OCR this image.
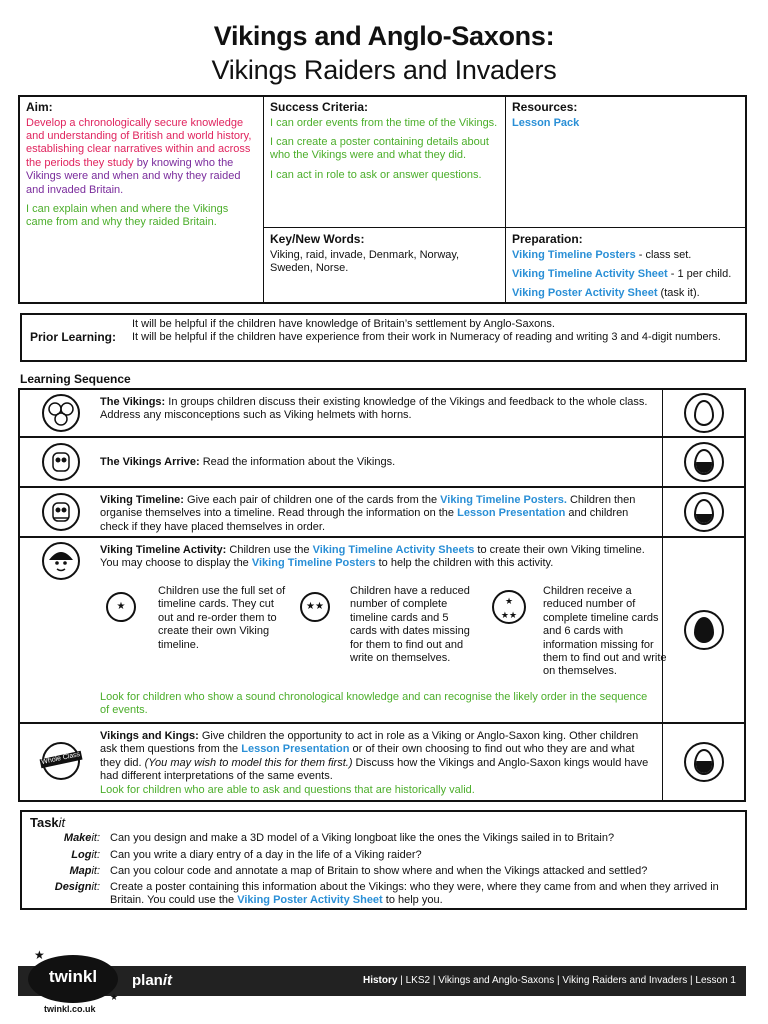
Vikings and Anglo-Saxons:
Vikings Raiders and Invaders
Aim:
Develop a chronologically secure knowledge and understanding of British and world history, establishing clear narratives within and across the periods they study by knowing who the Vikings were and when and why they raided and invaded Britain.
I can explain when and where the Vikings came from and why they raided Britain.
Success Criteria:
I can order events from the time of the Vikings.
I can create a poster containing details about who the Vikings were and what they did.
I can act in role to ask or answer questions.
Resources:
Lesson Pack
Key/New Words:
Viking, raid, invade, Denmark, Norway, Sweden, Norse.
Preparation:
Viking Timeline Posters - class set.
Viking Timeline Activity Sheet - 1 per child.
Viking Poster Activity Sheet (task it).
Prior Learning:
It will be helpful if the children have knowledge of Britain’s settlement by Anglo-Saxons.
It will be helpful if the children have experience from their work in Numeracy of reading and writing 3 and 4-digit numbers.
Learning Sequence
The Vikings: In groups children discuss their existing knowledge of the Vikings and feedback to the whole class. Address any misconceptions such as Viking helmets with horns.
The Vikings Arrive: Read the information about the Vikings.
Viking Timeline: Give each pair of children one of the cards from the Viking Timeline Posters. Children then organise themselves into a timeline. Read through the information on the Lesson Presentation and children check if they have placed themselves in order.
Viking Timeline Activity: Children use the Viking Timeline Activity Sheets to create their own Viking timeline. You may choose to display the Viking Timeline Posters to help the children with this activity.
★
Children use the full set of timeline cards. They cut out and re-order them to create their own Viking timeline.
★★
Children have a reduced number of complete timeline cards and 5 cards with dates missing for them to find out and write on themselves.
★
★★
Children receive a reduced number of complete timeline cards and 6 cards with information missing for them to find out and write on themselves.
Look for children who show a sound chronological knowledge and can recognise the likely order in the sequence of events.
Whole Class
Vikings and Kings: Give children the opportunity to act in role as a Viking or Anglo-Saxon king. Other children ask them questions from the Lesson Presentation or of their own choosing to find out who they are and what they did. (You may wish to model this for them first.) Discuss how the Vikings and Anglo-Saxon kings would have had different interpretations of the same events.
Look for children who are able to ask and questions that are historically valid.
Taskit
Makeit: Can you design and make a 3D model of a Viking longboat like the ones the Vikings sailed in to Britain?
Logit: Can you write a diary entry of a day in the life of a Viking raider?
Mapit: Can you colour code and annotate a map of Britain to show where and when the Vikings attacked and settled?
Designit: Create a poster containing this information about the Vikings: who they were, where they came from and when they arrived in Britain. You could use the Viking Poster Activity Sheet to help you.
History | LKS2 | Vikings and Anglo-Saxons | Viking Raiders and Invaders | Lesson 1
planit
twinkl
★
★
twinkl.co.uk
